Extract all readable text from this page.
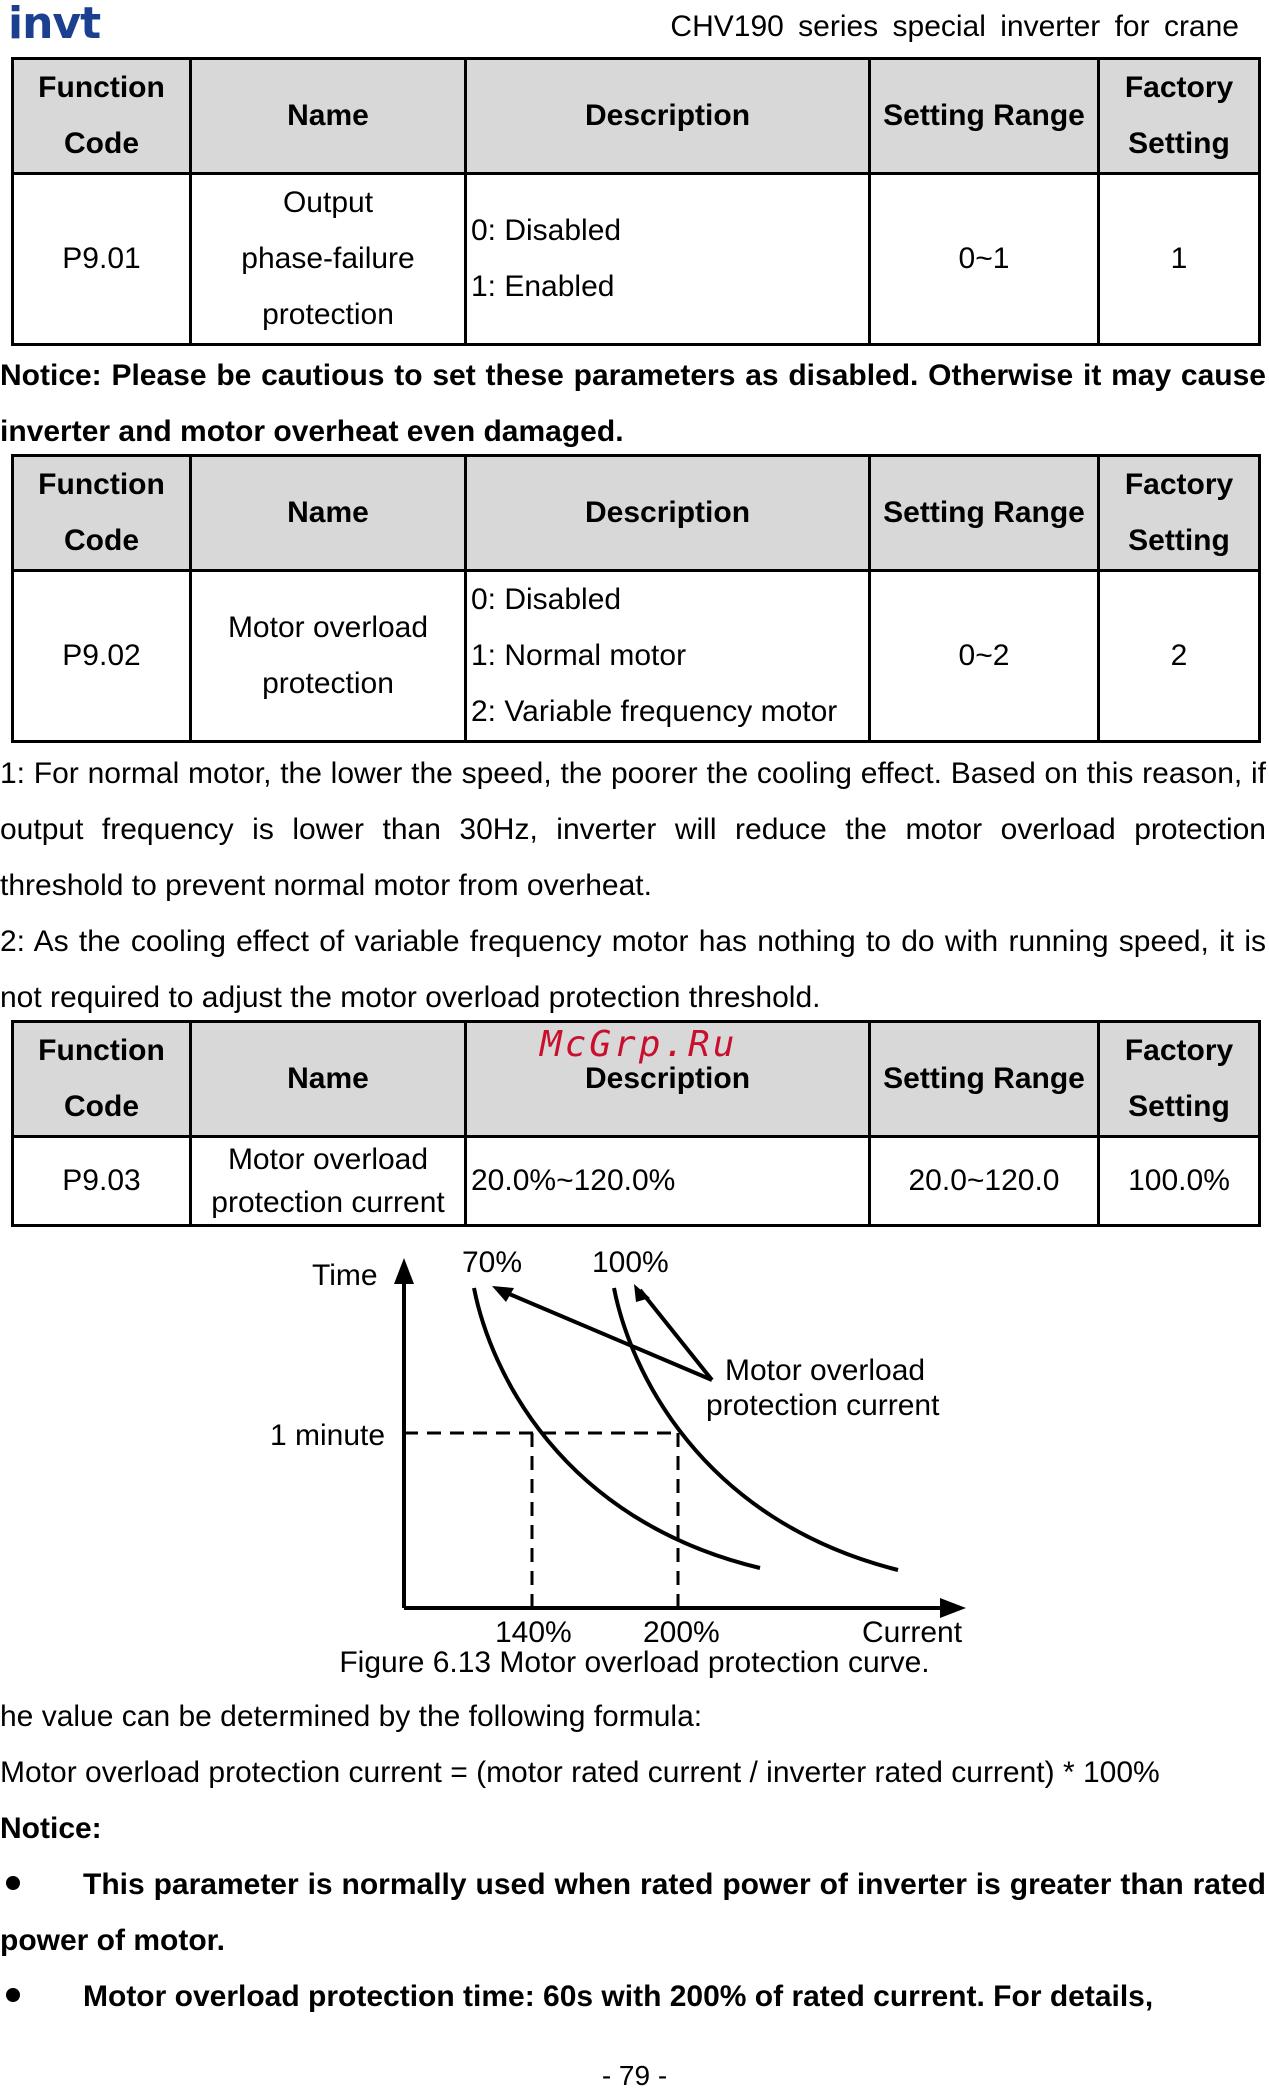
invt	CHV190 series special inverter for crane
Function
Code	Name	Description	Setting Range	Factory
Setting
P9.01	Output
phase-failure
protection	0: Disabled
1: Enabled	0~1	1
Notice: Please be cautious to set these parameters as disabled. Otherwise it may cause inverter and motor overheat even damaged.
Function
Code	Name	Description	Setting Range	Factory
Setting
P9.02	Motor overload
protection	0: Disabled
1: Normal motor
2: Variable frequency motor	0~2	2
1: For normal motor, the lower the speed, the poorer the cooling effect. Based on this reason, if output frequency is lower than 30Hz, inverter will reduce the motor overload protection threshold to prevent normal motor from overheat.
2: As the cooling effect of variable frequency motor has nothing to do with running speed, it is not required to adjust the motor overload protection threshold.
Function
Code	Name	Description	Setting Range	Factory
Setting
P9.03	Motor overload
protection current	20.0%~120.0%	20.0~120.0	100.0%
McGrp.Ru
Time
1 minute
70% 100%
Motor overload
protection current
140% 200%	Current
Figure 6.13 Motor overload protection curve.
he value can be determined by the following formula:
Motor overload protection current = (motor rated current / inverter rated current) * 100%
Notice:
This parameter is normally used when rated power of inverter is greater than rated power of motor.
Motor overload protection time: 60s with 200% of rated current. For details,
- 79 -
